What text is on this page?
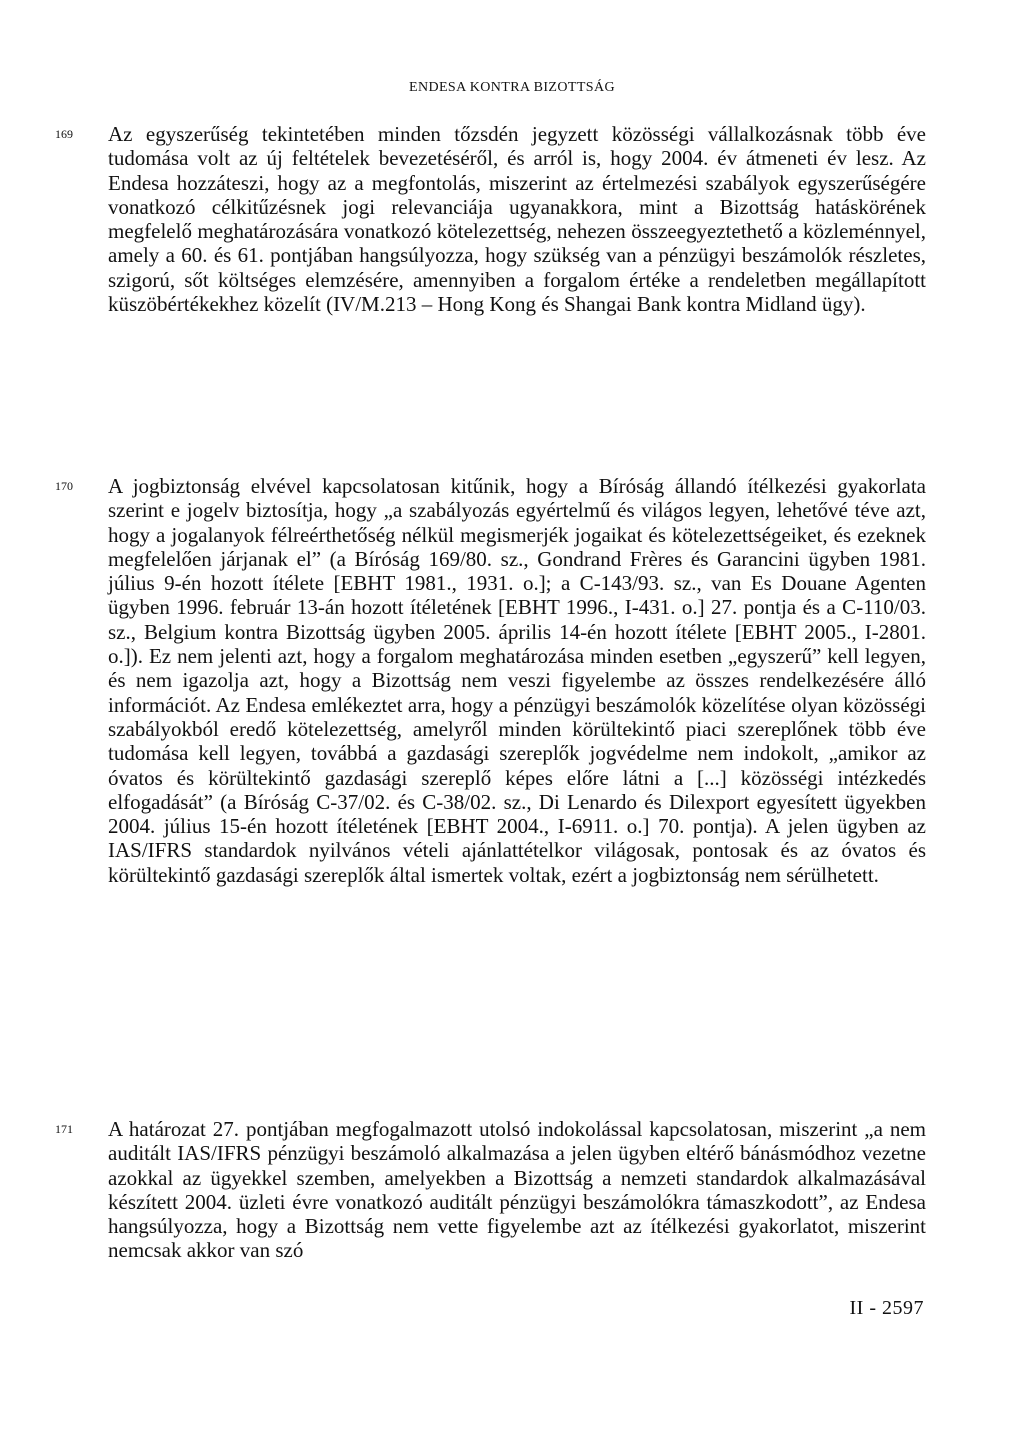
ENDESA KONTRA BIZOTTSÁG
169 Az egyszerűség tekintetében minden tőzsdén jegyzett közösségi vállalkozásnak több éve tudomása volt az új feltételek bevezetéséről, és arról is, hogy 2004. év átmeneti év lesz. Az Endesa hozzáteszi, hogy az a megfontolás, miszerint az értelmezési szabályok egyszerűségére vonatkozó célkitűzésnek jogi relevanciája ugyanakkora, mint a Bizottság hatáskörének megfelelő meghatározására vonatkozó kötelezettség, nehezen összeegyeztethető a közleménnyel, amely a 60. és 61. pontjában hangsúlyozza, hogy szükség van a pénzügyi beszámolók részletes, szigorú, sőt költséges elemzésére, amennyiben a forgalom értéke a rendeletben megállapított küszöbértékekhez közelít (IV/M.213 – Hong Kong és Shangai Bank kontra Midland ügy).
170 A jogbiztonság elvével kapcsolatosan kitűnik, hogy a Bíróság állandó ítélkezési gyakorlata szerint e jogelv biztosítja, hogy „a szabályozás egyértelmű és világos legyen, lehetővé téve azt, hogy a jogalanyok félreérthetőség nélkül megismerjék jogaikat és kötelezettségeiket, és ezeknek megfelelően járjanak el” (a Bíróság 169/80. sz., Gondrand Frères és Garancini ügyben 1981. július 9-én hozott ítélete [EBHT 1981., 1931. o.]; a C-143/93. sz., van Es Douane Agenten ügyben 1996. február 13-án hozott ítéletének [EBHT 1996., I-431. o.] 27. pontja és a C-110/03. sz., Belgium kontra Bizottság ügyben 2005. április 14-én hozott ítélete [EBHT 2005., I-2801. o.]). Ez nem jelenti azt, hogy a forgalom meghatározása minden esetben „egyszerű” kell legyen, és nem igazolja azt, hogy a Bizottság nem veszi figyelembe az összes rendelkezésére álló információt. Az Endesa emlékeztet arra, hogy a pénzügyi beszámolók közelítése olyan közösségi szabályokból eredő kötelezettség, amelyről minden körültekintő piaci szereplőnek több éve tudomása kell legyen, továbbá a gazdasági szereplők jogvédelme nem indokolt, „amikor az óvatos és körültekintő gazdasági szereplő képes előre látni a [...] közösségi intézkedés elfogadását” (a Bíróság C-37/02. és C-38/02. sz., Di Lenardo és Dilexport egyesített ügyekben 2004. július 15-én hozott ítéletének [EBHT 2004., I-6911. o.] 70. pontja). A jelen ügyben az IAS/IFRS standardok nyilvános vételi ajánlattételkor világosak, pontosak és az óvatos és körültekintő gazdasági szereplők által ismertek voltak, ezért a jogbiztonság nem sérülhetett.
171 A határozat 27. pontjában megfogalmazott utolsó indokolással kapcsolatosan, miszerint „a nem auditált IAS/IFRS pénzügyi beszámoló alkalmazása a jelen ügyben eltérő bánásmódhoz vezetne azokkal az ügyekkel szemben, amelyekben a Bizottság a nemzeti standardok alkalmazásával készített 2004. üzleti évre vonatkozó auditált pénzügyi beszámolókra támaszkodott”, az Endesa hangsúlyozza, hogy a Bizottság nem vette figyelembe azt az ítélkezési gyakorlatot, miszerint nemcsak akkor van szó
II - 2597
